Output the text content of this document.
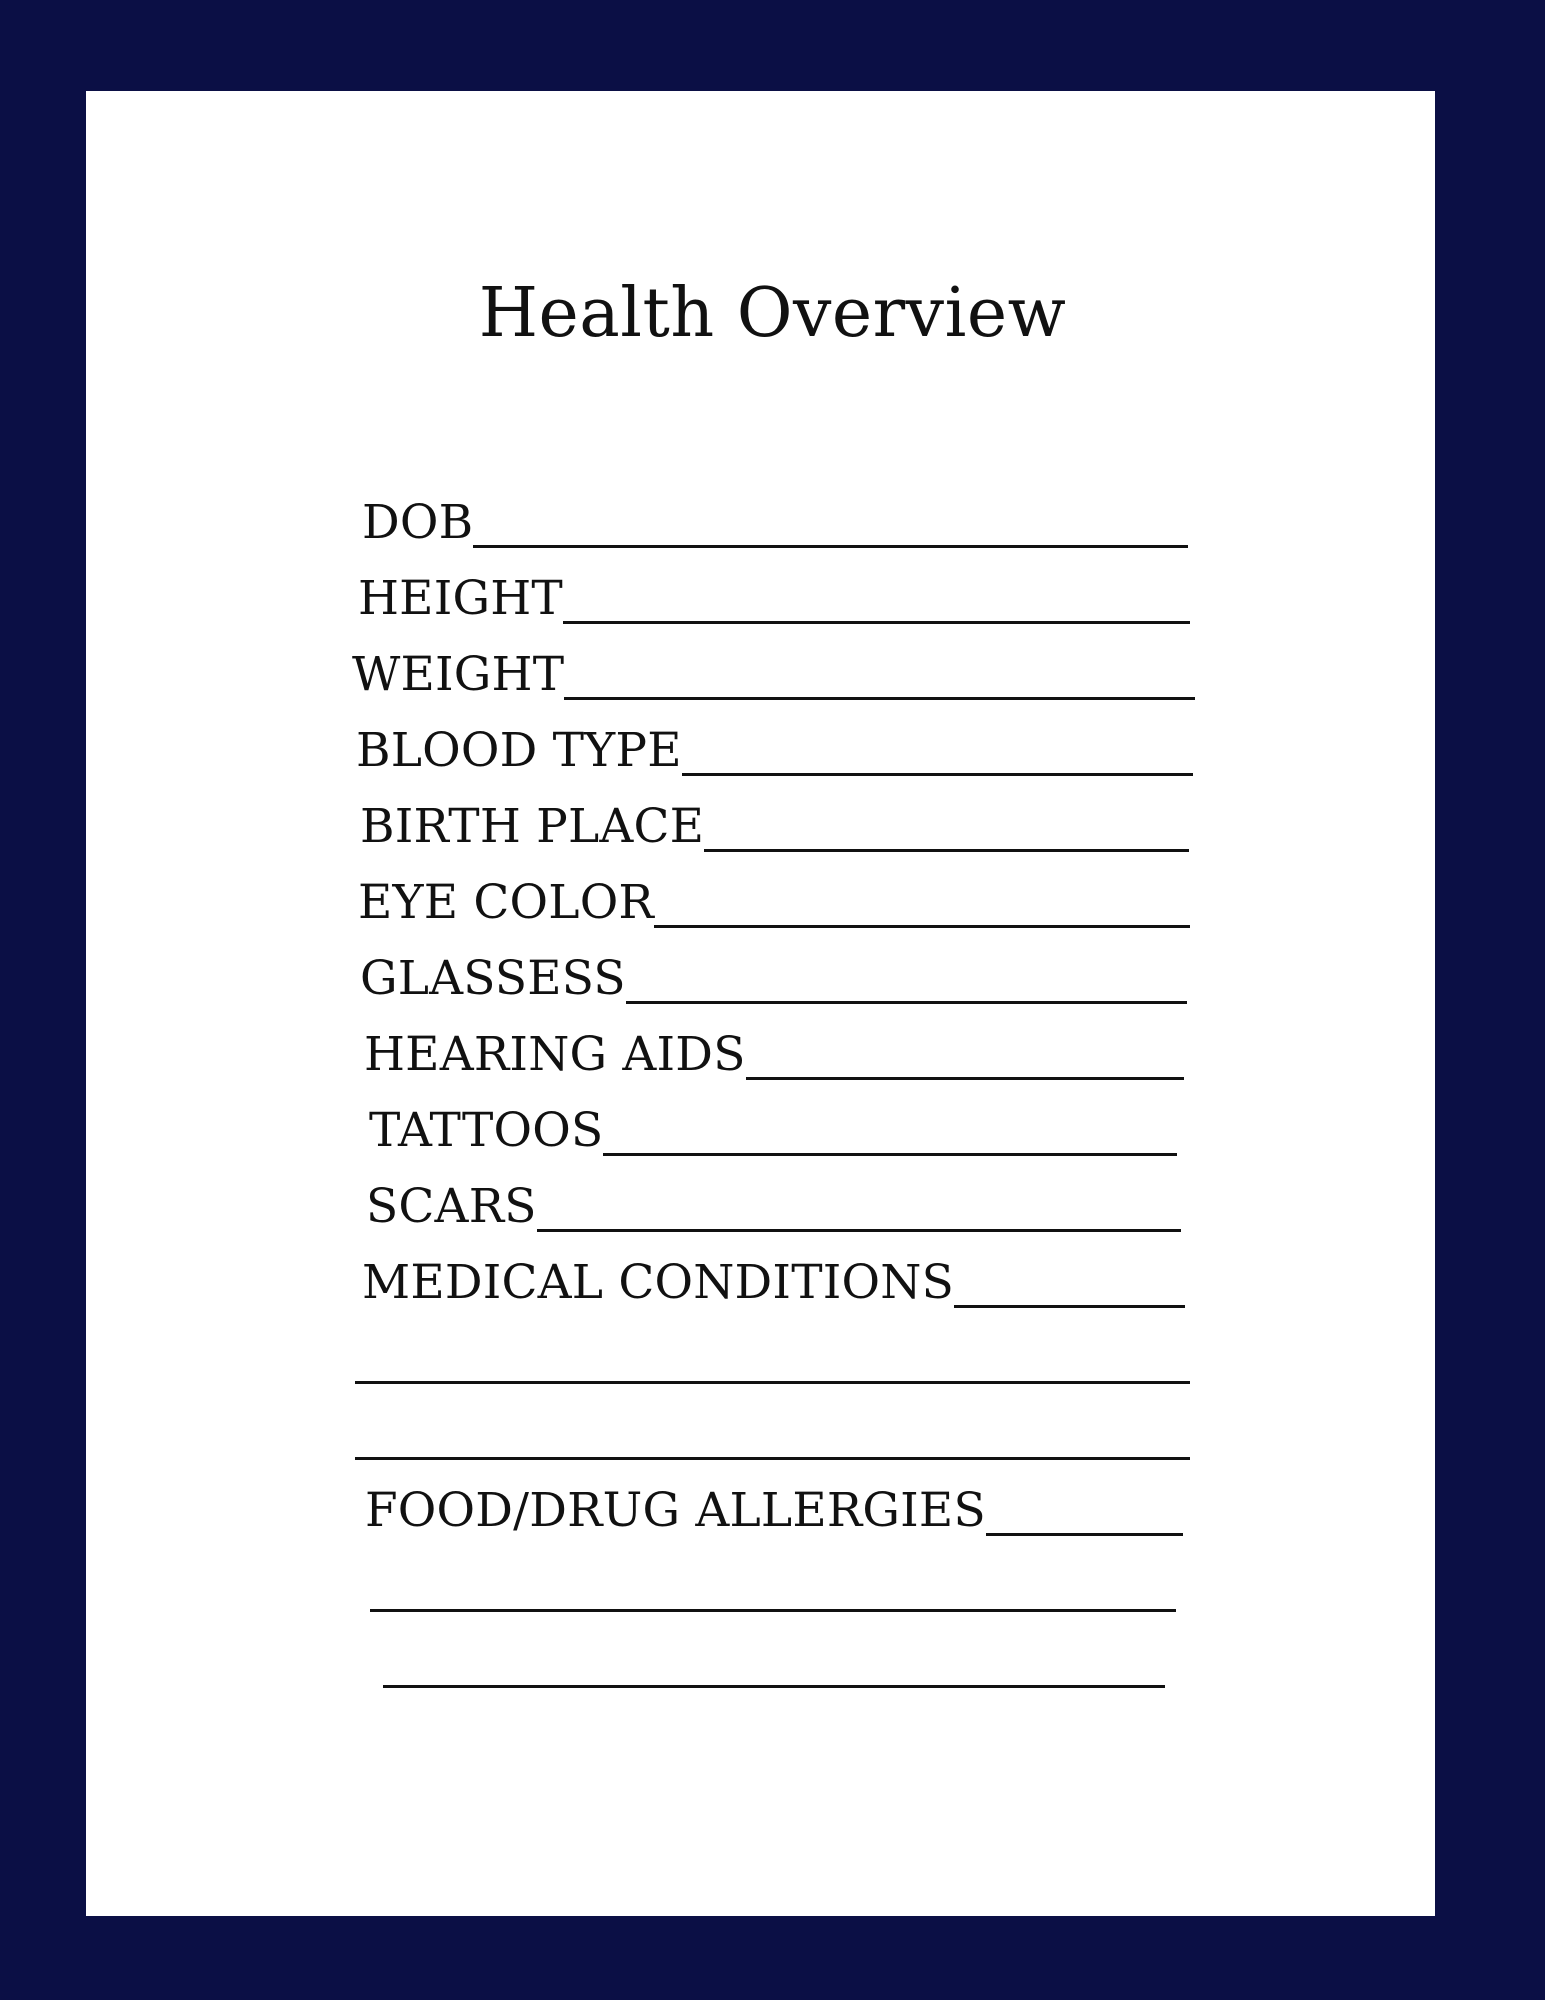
Health Overview
DOB
HEIGHT
WEIGHT
BLOOD TYPE
BIRTH PLACE
EYE COLOR
GLASSESS
HEARING AIDS
TATTOOS
SCARS
MEDICAL CONDITIONS
FOOD/DRUG ALLERGIES
